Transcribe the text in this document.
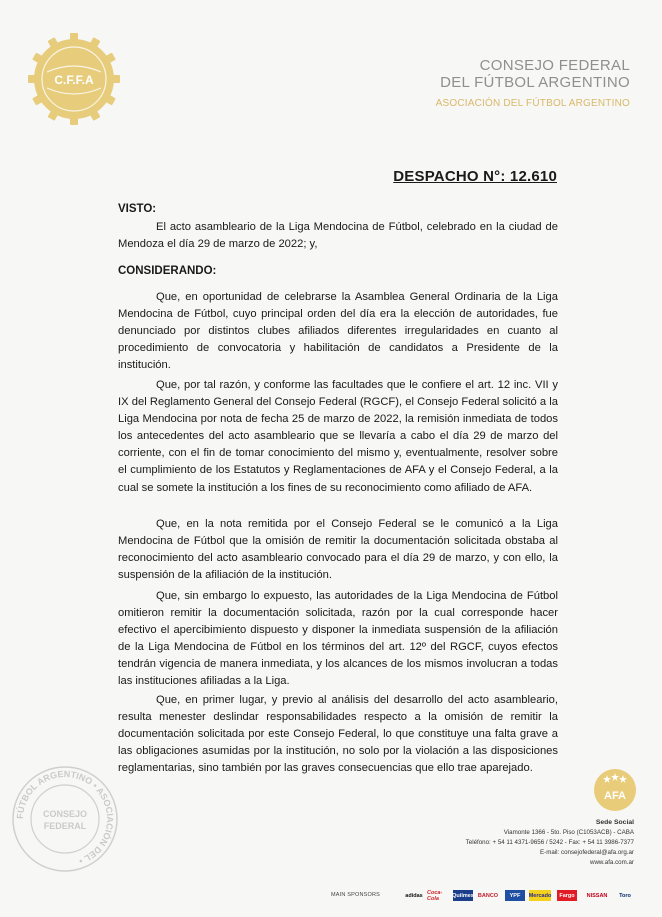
C.F.F.A
CONSEJO FEDERAL
DEL FÚTBOL ARGENTINO
ASOCIACIÓN DEL FÚTBOL ARGENTINO
DESPACHO N°: 12.610
VISTO:
El acto asambleario de la Liga Mendocina de Fútbol, celebrado en la ciudad de Mendoza el día 29 de marzo de 2022; y,
CONSIDERANDO:
Que, en oportunidad de celebrarse la Asamblea General Ordinaria de la Liga Mendocina de Fútbol, cuyo principal orden del día era la elección de autoridades, fue denunciado por distintos clubes afiliados diferentes irregularidades en cuanto al procedimiento de convocatoria y habilitación de candidatos a Presidente de la institución.
Que, por tal razón, y conforme las facultades que le confiere el art. 12 inc. VII y IX del Reglamento General del Consejo Federal (RGCF), el Consejo Federal solicitó a la Liga Mendocina por nota de fecha 25 de marzo de 2022, la remisión inmediata de todos los antecedentes del acto asambleario que se llevaría a cabo el día 29 de marzo del corriente, con el fin de tomar conocimiento del mismo y, eventualmente, resolver sobre el cumplimiento de los Estatutos y Reglamentaciones de AFA y el Consejo Federal, a la cual se somete la institución a los fines de su reconocimiento como afiliado de AFA.
Que, en la nota remitida por el Consejo Federal se le comunicó a la Liga Mendocina de Fútbol que la omisión de remitir la documentación solicitada obstaba al reconocimiento del acto asambleario convocado para el día 29 de marzo, y con ello, la suspensión de la afiliación de la institución.
Que, sin embargo lo expuesto, las autoridades de la Liga Mendocina de Fútbol omitieron remitir la documentación solicitada, razón por la cual corresponde hacer efectivo el apercibimiento dispuesto y disponer la inmediata suspensión de la afiliación de la Liga Mendocina de Fútbol en los términos del art. 12º del RGCF, cuyos efectos tendrán vigencia de manera inmediata, y los alcances de los mismos involucran a todas las instituciones afiliadas a la Liga.
Que, en primer lugar, y previo al análisis del desarrollo del acto asambleario, resulta menester deslindar responsabilidades respecto a la omisión de remitir la documentación solicitada por este Consejo Federal, lo que constituye una falta grave a las obligaciones asumidas por la institución, no solo por la violación a las disposiciones reglamentarias, sino también por las graves consecuencias que ello trae aparejado.
FÚTBOL ARGENTINO • ASOCIACIÓN DEL •
CONSEJO
FEDERAL
AFA
Sede Social
Viamonte 1366 - 5to. Piso (C1053ACB) - CABA
Teléfono: + 54 11 4371-9656 / 5242 - Fax: + 54 11 3986-7377
E-mail: consejofederal@afa.org.ar
www.afa.com.ar
MAIN SPONSORS	adidas Coca-Cola	Quilmes BANCO	YPF	Mercado	Fargo	NISSAN	Toro
